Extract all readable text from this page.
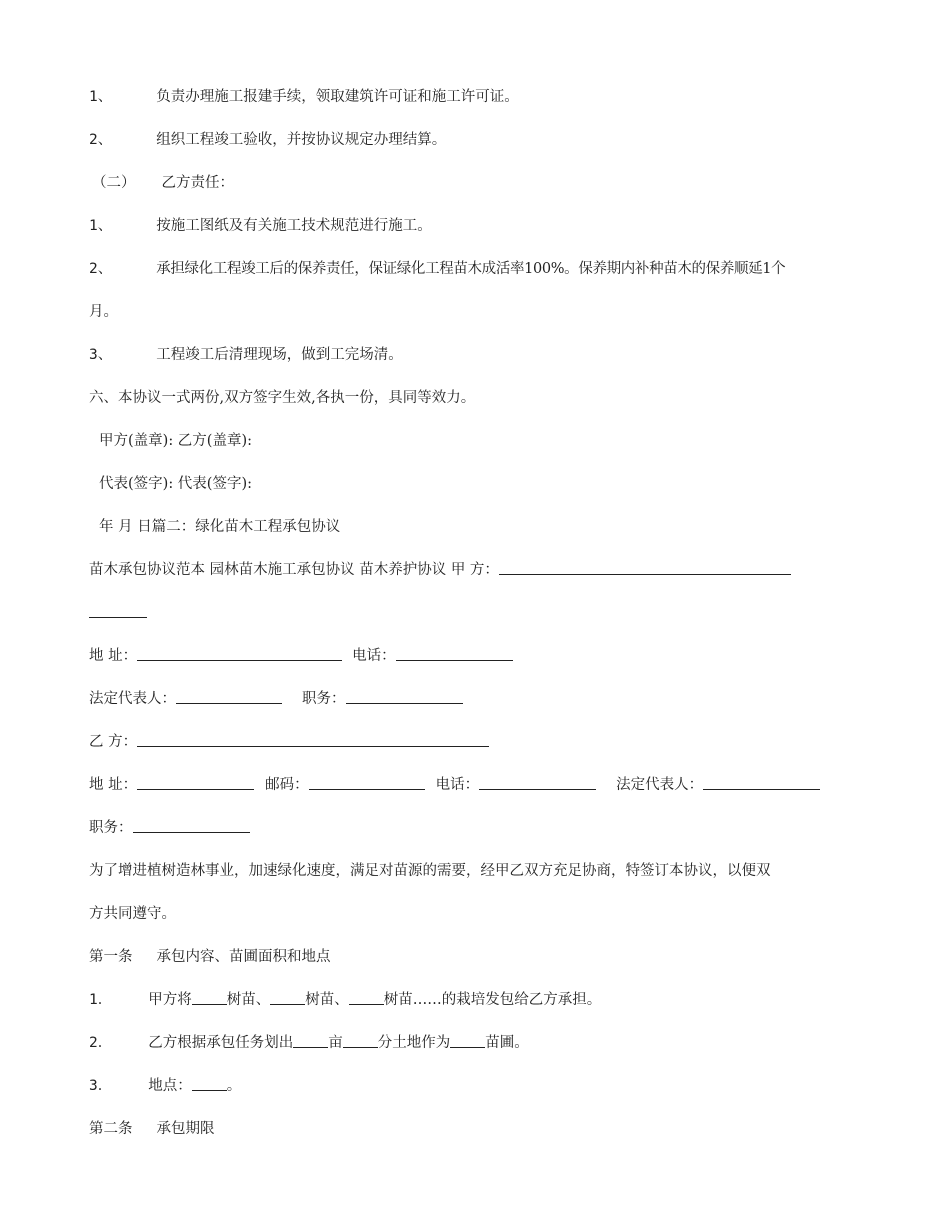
1、	负责办理施工报建手续，领取建筑许可证和施工许可证。
2、	组织工程竣工验收，并按协议规定办理结算。
（二） 乙方责任：
1、	按施工图纸及有关施工技术规范进行施工。
2、	承担绿化工程竣工后的保养责任，保证绿化工程苗木成活率100%。保养期内补种苗木的保养顺延1个
月。
3、	工程竣工后清理现场，做到工完场清。
六、本协议一式两份,双方签字生效,各执一份，具同等效力。
甲方(盖章): 乙方(盖章):
代表(签字): 代表(签字):
年 月 日篇二：绿化苗木工程承包协议
苗木承包协议范本 园林苗木施工承包协议 苗木养护协议 甲 方：
地 址：	电话：
法定代表人：	职务：
乙 方：
地 址：	邮码：	电话：	法定代表人：
职务：
为了增进植树造林事业，加速绿化速度，满足对苗源的需要，经甲乙双方充足协商，特签订本协议，以便双
方共同遵守。
第一条 承包内容、苗圃面积和地点
1． 甲方将 树苗、 树苗、 树苗……的栽培发包给乙方承担。
2． 乙方根据承包任务划出 亩 分土地作为 苗圃。
3． 地点： 。
第二条 承包期限
